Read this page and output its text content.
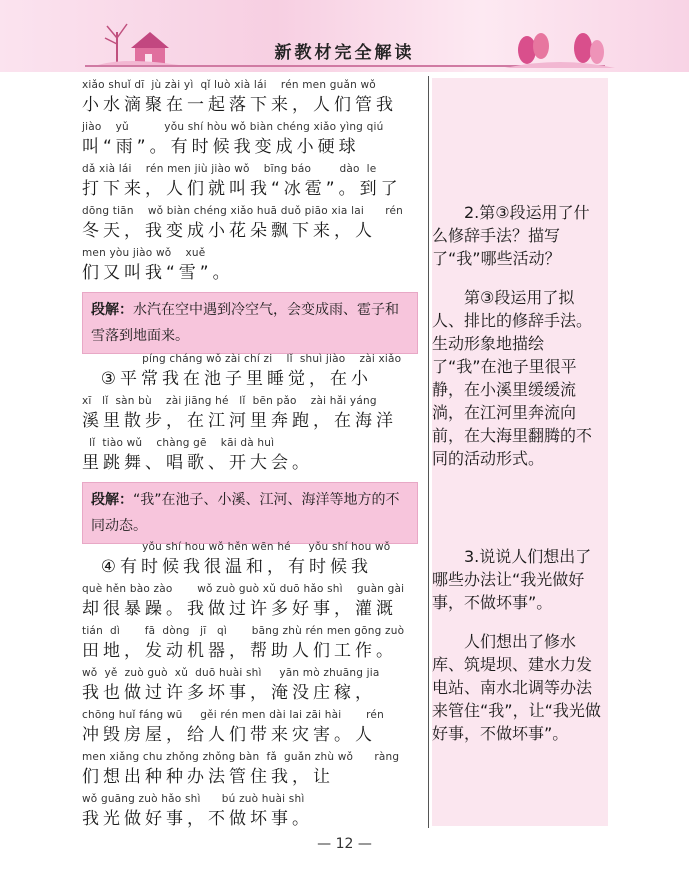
新教材完全解读
xiǎo shuǐ dī  jù zài yì  qǐ luò xià lái    rén men guǎn wǒ
小水滴聚在一起落下来，人们管我
jiào    yǔ          yǒu shí hòu wǒ biàn chéng xiǎo yìng qiú
叫“雨”。有时候我变成小硬球
dǎ xià lái    rén men jiù jiào wǒ    bīng báo        dào  le
打下来，人们就叫我“冰雹”。到了
dōng tiān    wǒ biàn chéng xiǎo huā duǒ piāo xia lai      rén
冬天，我变成小花朵飘下来，人
men yòu jiào wǒ    xuě
们又叫我“雪”。
段解：水汽在空中遇到冷空气，会变成雨、雹子和雪落到地面来。
píng cháng wǒ zài chí zi    lǐ  shuì jiào    zài xiǎo
③平常我在池子里睡觉，在小
xī   lǐ  sàn bù    zài jiāng hé   lǐ  bēn pǎo    zài hǎi yáng
溪里散步，在江河里奔跑，在海洋
lǐ  tiào wǔ    chàng gē    kāi dà huì
里跳舞、唱歌、开大会。
段解：“我”在池子、小溪、江河、海洋等地方的不同动态。
yǒu shí hou wǒ hěn wēn hé     yǒu shí hou wǒ
④有时候我很温和，有时候我
què hěn bào zào       wǒ zuò guò xǔ duō hǎo shì    guàn gài
却很暴躁。我做过许多好事，灌溉
tián  dì       fā  dòng   jī   qì       bāng zhù rén men gōng zuò
田地，发动机器，帮助人们工作。
wǒ  yě  zuò guò  xǔ  duō huài shì     yān mò zhuāng jia
我也做过许多坏事，淹没庄稼，
chōng huǐ fáng wū     gěi rén men dài lai zāi hài       rén
冲毁房屋，给人们带来灾害。人
men xiǎng chu zhǒng zhǒng bàn  fǎ  guǎn zhù wǒ      ràng
们想出种种办法管住我，让
wǒ guāng zuò hǎo shì      bú zuò huài shì
我光做好事，不做坏事。

2.第③段运用了什么修辞手法？描写了“我”哪些活动？

第③段运用了拟人、排比的修辞手法。生动形象地描绘了“我”在池子里很平静，在小溪里缓缓流淌，在江河里奔流向前，在大海里翻腾的不同的活动形式。

3.说说人们想出了哪些办法让“我光做好事，不做坏事”。

人们想出了修水库、筑堤坝、建水力发电站、南水北调等办法来管住“我”，让“我光做好事，不做坏事”。

— 12 —
